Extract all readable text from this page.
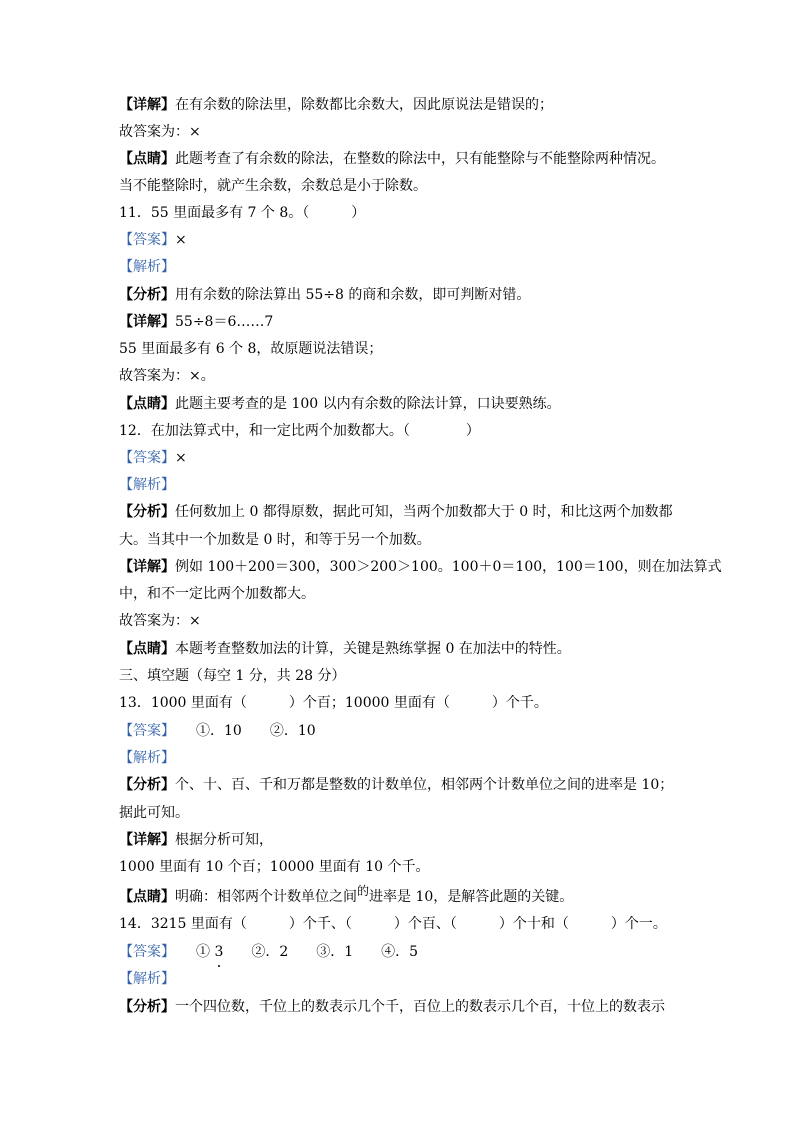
【详解】在有余数的除法里，除数都比余数大，因此原说法是错误的；
故答案为：×
【点睛】此题考查了有余数的除法，在整数的除法中，只有能整除与不能整除两种情况。
当不能整除时，就产生余数，余数总是小于除数。
11．55 里面最多有 7 个 8。（　　　）
【答案】×
【解析】
【分析】用有余数的除法算出 55÷8 的商和余数，即可判断对错。
【详解】55÷8＝6……7
55 里面最多有 6 个 8，故原题说法错误；
故答案为：×。
【点睛】此题主要考查的是 100 以内有余数的除法计算，口诀要熟练。
12．在加法算式中，和一定比两个加数都大。（　　　　）
【答案】×
【解析】
【分析】任何数加上 0 都得原数，据此可知，当两个加数都大于 0 时，和比这两个加数都
大。当其中一个加数是 0 时，和等于另一个加数。
【详解】例如 100＋200＝300，300＞200＞100。100＋0＝100，100＝100，则在加法算式
中，和不一定比两个加数都大。
故答案为：×
【点睛】本题考查整数加法的计算，关键是熟练掌握 0 在加法中的特性。
三、填空题（每空 1 分，共 28 分）
13．1000 里面有（　　　）个百；10000 里面有（　　　）个千。
【答案】　　①．10　　②．10
【解析】
【分析】个、十、百、千和万都是整数的计数单位，相邻两个计数单位之间的进率是 10；
据此可知。
【详解】根据分析可知，
1000 里面有 10 个百；10000 里面有 10 个千。
【点睛】明确：相邻两个计数单位之间的进率是 10，是解答此题的关键。
14．3215 里面有（　　　）个千、（　　　）个百、（　　　）个十和（　　　）个一。
【答案】　　① 3　　②．2　　③．1　　④．5
【解析】
【分析】一个四位数，千位上的数表示几个千，百位上的数表示几个百，十位上的数表示
